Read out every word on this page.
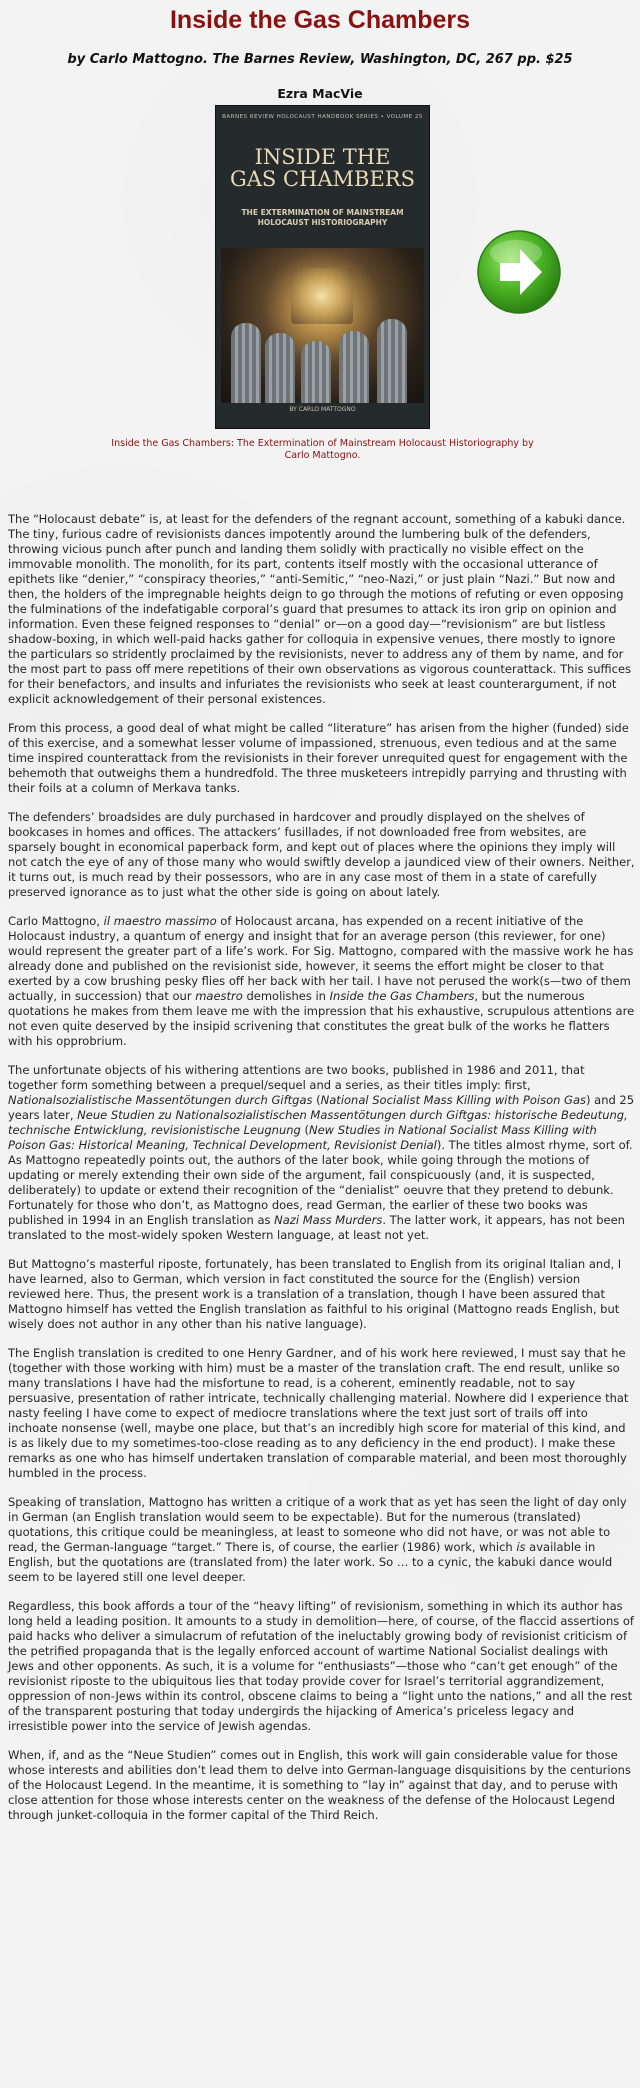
Inside the Gas Chambers
by Carlo Mattogno. The Barnes Review, Washington, DC, 267 pp. $25
Ezra MacVie
BARNES REVIEW HOLOCAUST HANDBOOK SERIES • VOLUME 25
INSIDE THE
GAS CHAMBERS
THE EXTERMINATION OF MAINSTREAM
HOLOCAUST HISTORIOGRAPHY
BY CARLO MATTOGNO
Inside the Gas Chambers: The Extermination of Mainstream Holocaust Historiography by
Carlo Mattogno.

The “Holocaust debate” is, at least for the defenders of the regnant account, something of a kabuki dance. The tiny, furious cadre of revisionists dances impotently around the lumbering bulk of the defenders, throwing vicious punch after punch and landing them solidly with practically no visible effect on the immovable monolith. The monolith, for its part, contents itself mostly with the occasional utterance of epithets like “denier,” “conspiracy theories,” “anti-Semitic,” “neo-Nazi,” or just plain “Nazi.” But now and then, the holders of the impregnable heights deign to go through the motions of refuting or even opposing the fulminations of the indefatigable corporal’s guard that presumes to attack its iron grip on opinion and information. Even these feigned responses to “denial” or—on a good day—“revisionism” are but listless shadow-boxing, in which well-paid hacks gather for colloquia in expensive venues, there mostly to ignore the particulars so stridently proclaimed by the revisionists, never to address any of them by name, and for the most part to pass off mere repetitions of their own observations as vigorous counterattack. This suffices for their benefactors, and insults and infuriates the revisionists who seek at least counterargument, if not explicit acknowledgement of their personal existences.

From this process, a good deal of what might be called “literature” has arisen from the higher (funded) side of this exercise, and a somewhat lesser volume of impassioned, strenuous, even tedious and at the same time inspired counterattack from the revisionists in their forever unrequited quest for engagement with the behemoth that outweighs them a hundredfold. The three musketeers intrepidly parrying and thrusting with their foils at a column of Merkava tanks.

The defenders’ broadsides are duly purchased in hardcover and proudly displayed on the shelves of bookcases in homes and offices. The attackers’ fusillades, if not downloaded free from websites, are sparsely bought in economical paperback form, and kept out of places where the opinions they imply will not catch the eye of any of those many who would swiftly develop a jaundiced view of their owners. Neither, it turns out, is much read by their possessors, who are in any case most of them in a state of carefully preserved ignorance as to just what the other side is going on about lately.

Carlo Mattogno, il maestro massimo of Holocaust arcana, has expended on a recent initiative of the Holocaust industry, a quantum of energy and insight that for an average person (this reviewer, for one) would represent the greater part of a life’s work. For Sig. Mattogno, compared with the massive work he has already done and published on the revisionist side, however, it seems the effort might be closer to that exerted by a cow brushing pesky flies off her back with her tail. I have not perused the work(s—two of them actually, in succession) that our maestro demolishes in Inside the Gas Chambers, but the numerous quotations he makes from them leave me with the impression that his exhaustive, scrupulous attentions are not even quite deserved by the insipid scrivening that constitutes the great bulk of the works he flatters with his opprobrium.

The unfortunate objects of his withering attentions are two books, published in 1986 and 2011, that together form something between a prequel/sequel and a series, as their titles imply: first, Nationalsozialistische Massentötungen durch Giftgas (National Socialist Mass Killing with Poison Gas) and 25 years later, Neue Studien zu Nationalsozialistischen Massentötungen durch Giftgas: historische Bedeutung, technische Entwicklung, revisionistische Leugnung (New Studies in National Socialist Mass Killing with Poison Gas: Historical Meaning, Technical Development, Revisionist Denial). The titles almost rhyme, sort of. As Mattogno repeatedly points out, the authors of the later book, while going through the motions of updating or merely extending their own side of the argument, fail conspicuously (and, it is suspected, deliberately) to update or extend their recognition of the “denialist” oeuvre that they pretend to debunk. Fortunately for those who don’t, as Mattogno does, read German, the earlier of these two books was published in 1994 in an English translation as Nazi Mass Murders. The latter work, it appears, has not been translated to the most-widely spoken Western language, at least not yet.

But Mattogno’s masterful riposte, fortunately, has been translated to English from its original Italian and, I have learned, also to German, which version in fact constituted the source for the (English) version reviewed here. Thus, the present work is a translation of a translation, though I have been assured that Mattogno himself has vetted the English translation as faithful to his original (Mattogno reads English, but wisely does not author in any other than his native language).

The English translation is credited to one Henry Gardner, and of his work here reviewed, I must say that he (together with those working with him) must be a master of the translation craft. The end result, unlike so many translations I have had the misfortune to read, is a coherent, eminently readable, not to say persuasive, presentation of rather intricate, technically challenging material. Nowhere did I experience that nasty feeling I have come to expect of mediocre translations where the text just sort of trails off into inchoate nonsense (well, maybe one place, but that’s an incredibly high score for material of this kind, and is as likely due to my sometimes-too-close reading as to any deficiency in the end product). I make these remarks as one who has himself undertaken translation of comparable material, and been most thoroughly humbled in the process.

Speaking of translation, Mattogno has written a critique of a work that as yet has seen the light of day only in German (an English translation would seem to be expectable). But for the numerous (translated) quotations, this critique could be meaningless, at least to someone who did not have, or was not able to read, the German-language “target.” There is, of course, the earlier (1986) work, which is available in English, but the quotations are (translated from) the later work. So … to a cynic, the kabuki dance would seem to be layered still one level deeper.

Regardless, this book affords a tour of the “heavy lifting” of revisionism, something in which its author has long held a leading position. It amounts to a study in demolition—here, of course, of the flaccid assertions of paid hacks who deliver a simulacrum of refutation of the ineluctably growing body of revisionist criticism of the petrified propaganda that is the legally enforced account of wartime National Socialist dealings with Jews and other opponents. As such, it is a volume for “enthusiasts”—those who “can’t get enough” of the revisionist riposte to the ubiquitous lies that today provide cover for Israel’s territorial aggrandizement, oppression of non-Jews within its control, obscene claims to being a “light unto the nations,” and all the rest of the transparent posturing that today undergirds the hijacking of America’s priceless legacy and irresistible power into the service of Jewish agendas.

When, if, and as the “Neue Studien” comes out in English, this work will gain considerable value for those whose interests and abilities don’t lead them to delve into German-language disquisitions by the centurions of the Holocaust Legend. In the meantime, it is something to “lay in” against that day, and to peruse with close attention for those whose interests center on the weakness of the defense of the Holocaust Legend through junket-colloquia in the former capital of the Third Reich.
